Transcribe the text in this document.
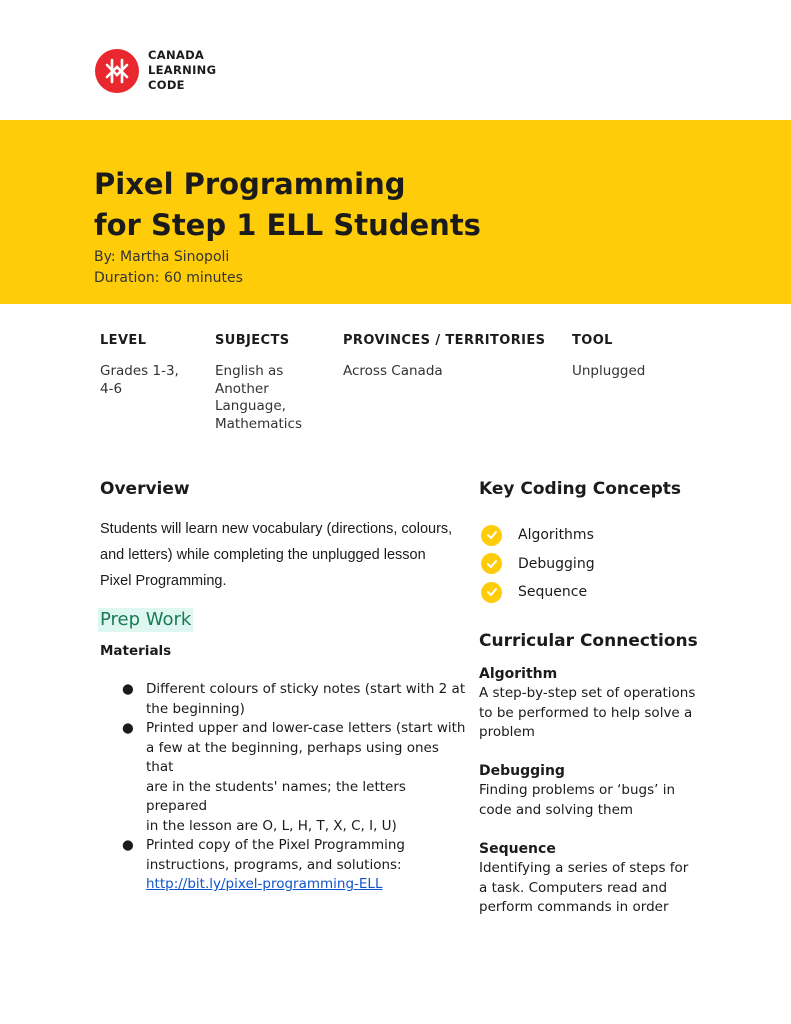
CANADA
LEARNING
CODE
Pixel Programming
for Step 1 ELL Students
By: Martha Sinopoli
Duration: 60 minutes
LEVEL
Grades 1-3,
4-6
SUBJECTS
English as
Another
Language,
Mathematics
PROVINCES / TERRITORIES
Across Canada
TOOL
Unplugged
Overview
Students will learn new vocabulary (directions, colours,
and letters) while completing the unplugged lesson
Pixel Programming.
Prep Work
Materials
● Different colours of sticky notes (start with 2 at
the beginning)
● Printed upper and lower-case letters (start with
a few at the beginning, perhaps using ones that
are in the students' names; the letters prepared
in the lesson are O, L, H, T, X, C, I, U)
● Printed copy of the Pixel Programming
instructions, programs, and solutions:
http://bit.ly/pixel-programming-ELL
Key Coding Concepts
Algorithms
Debugging
Sequence
Curricular Connections
Algorithm
A step-by-step set of operations
to be performed to help solve a
problem
Debugging
Finding problems or ‘bugs’ in
code and solving them
Sequence
Identifying a series of steps for
a task. Computers read and
perform commands in order
